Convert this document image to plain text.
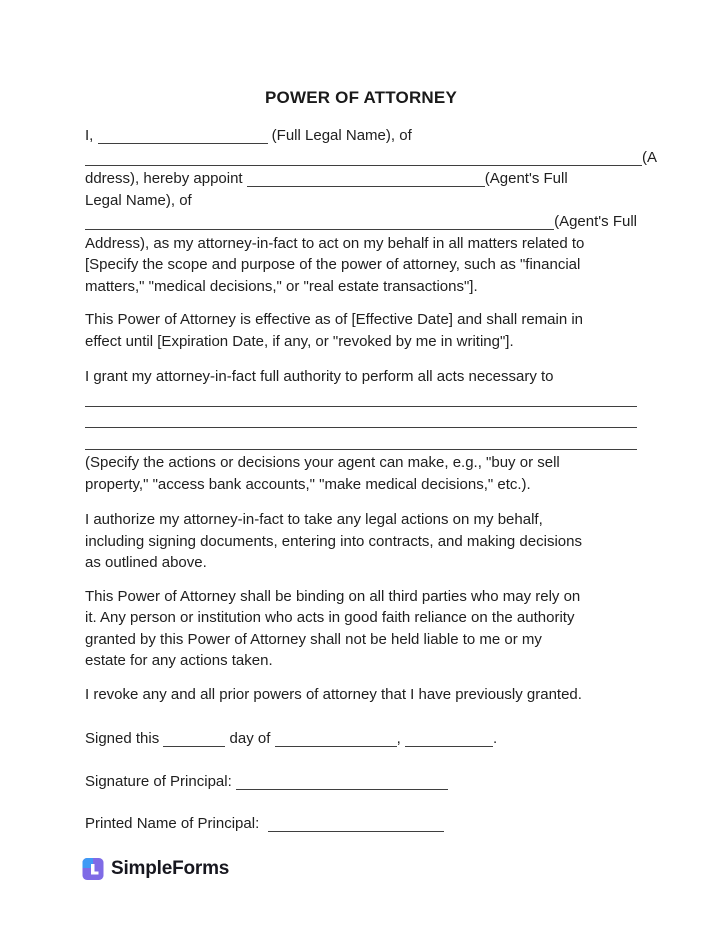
POWER OF ATTORNEY
I,	(Full Legal Name), of
(A
ddress), hereby appoint	(Agent's Full
Legal Name), of
(Agent's Full
Address), as my attorney-in-fact to act on my behalf in all matters related to
[Specify the scope and purpose of the power of attorney, such as "financial
matters," "medical decisions," or "real estate transactions"].
This Power of Attorney is effective as of [Effective Date] and shall remain in
effect until [Expiration Date, if any, or "revoked by me in writing"].
I grant my attorney-in-fact full authority to perform all acts necessary to
(Specify the actions or decisions your agent can make, e.g., "buy or sell
property," "access bank accounts," "make medical decisions," etc.).
I authorize my attorney-in-fact to take any legal actions on my behalf,
including signing documents, entering into contracts, and making decisions
as outlined above.
This Power of Attorney shall be binding on all third parties who may rely on
it. Any person or institution who acts in good faith reliance on the authority
granted by this Power of Attorney shall not be held liable to me or my
estate for any actions taken.
I revoke any and all prior powers of attorney that I have previously granted.
Signed this	day of	,	.
Signature of Principal:
Printed Name of Principal:
SimpleForms
